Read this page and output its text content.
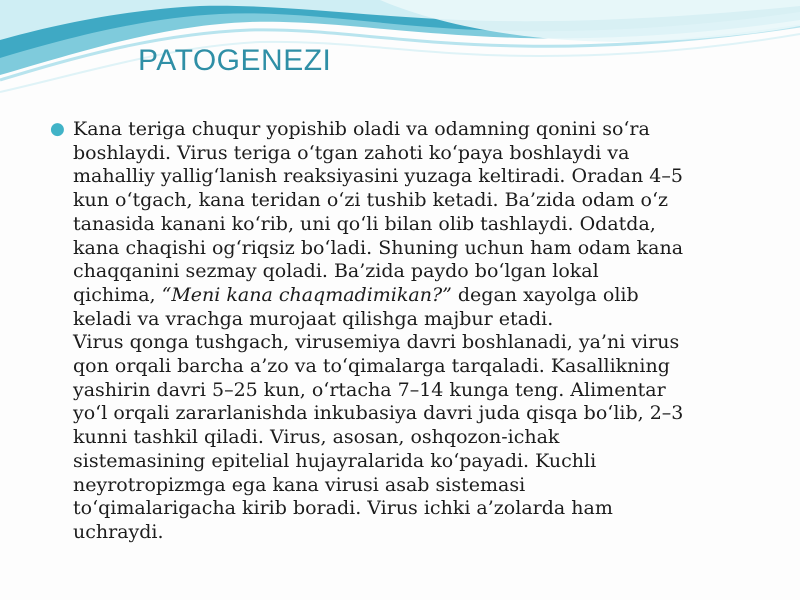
PATOGENEZI
● Kana teriga chuqur yopishib oladi va odamning qonini so‘ra
boshlaydi. Virus teriga o‘tgan zahoti ko‘paya boshlaydi va
mahalliy yallig‘lanish reaksiyasini yuzaga keltiradi. Oradan 4–5
kun o‘tgach, kana teridan o‘zi tushib ketadi. Ba’zida odam o‘z
tanasida kanani ko‘rib, uni qo‘li bilan olib tashlaydi. Odatda,
kana chaqishi og‘riqsiz bo‘ladi. Shuning uchun ham odam kana
chaqqanini sezmay qoladi. Ba’zida paydo bo‘lgan lokal
qichima, “Meni kana chaqmadimikan?” degan xayolga olib
keladi va vrachga murojaat qilishga majbur etadi.
Virus qonga tushgach, virusemiya davri boshlanadi, ya’ni virus
qon orqali barcha a’zo va to‘qimalarga tarqaladi. Kasallikning
yashirin davri 5–25 kun, o‘rtacha 7–14 kunga teng. Alimentar
yo‘l orqali zararlanishda inkubasiya davri juda qisqa bo‘lib, 2–3
kunni tashkil qiladi. Virus, asosan, oshqozon-ichak
sistemasining epitelial hujayralarida ko‘payadi. Kuchli
neyrotropizmga ega kana virusi asab sistemasi
to‘qimalarigacha kirib boradi. Virus ichki a’zolarda ham
uchraydi.
